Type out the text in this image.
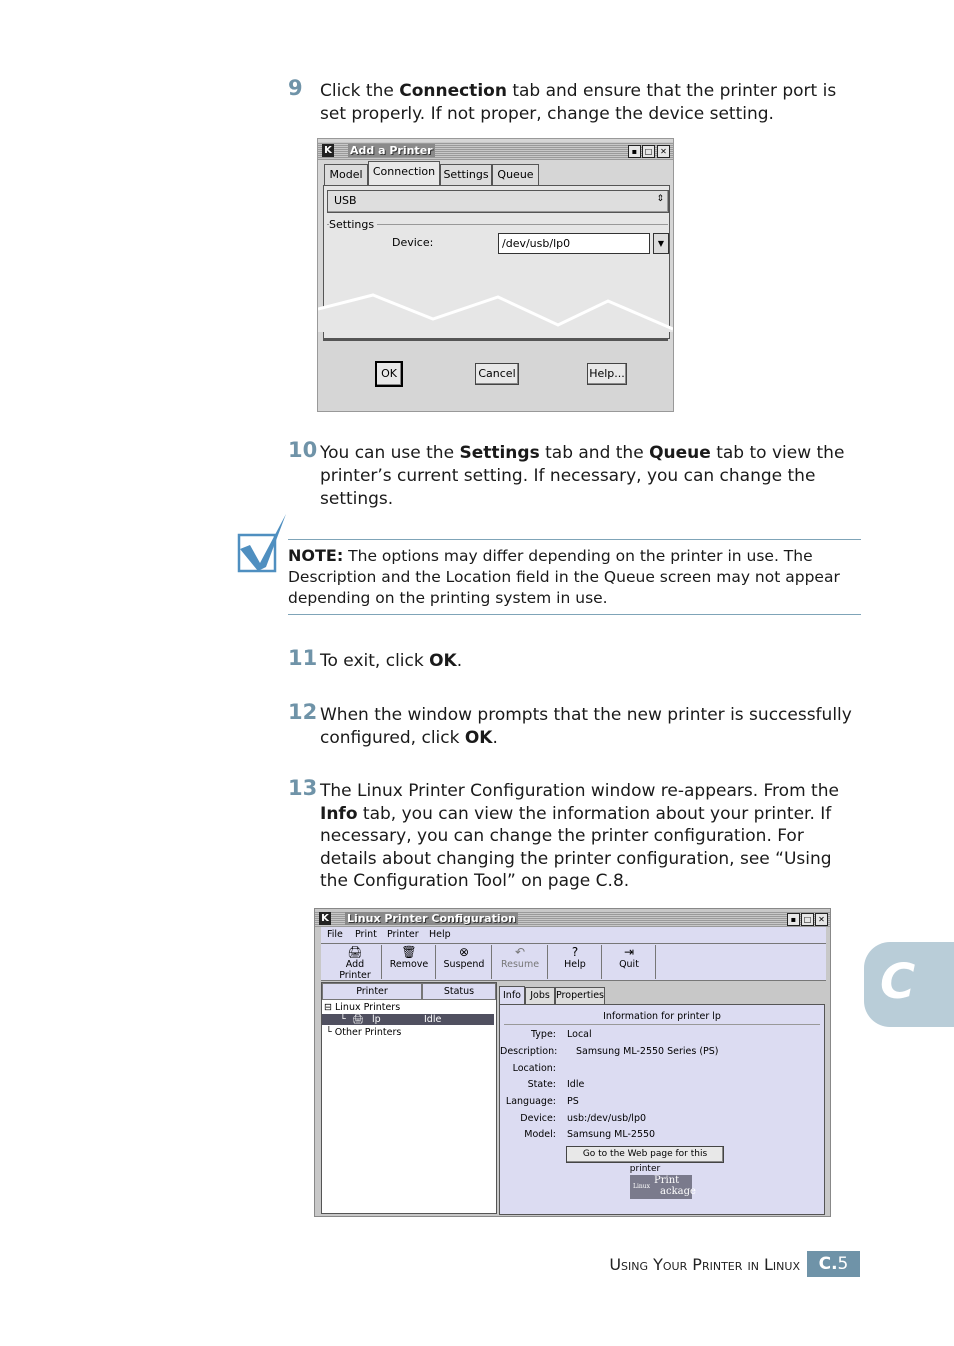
9 Click the Connection tab and ensure that the printer port is set properly. If not proper, change the device setting.
K Add a Printer	▪ □ ✕
Model Connection Settings Queue
USB	⇕
Settings
Device:	/dev/usb/lp0	▼
OK	Cancel	Help...
10 You can use the Settings tab and the Queue tab to view the printer’s current setting. If necessary, you can change the settings.
NOTE: The options may differ depending on the printer in use. The Description and the Location field in the Queue screen may not appear depending on the printing system in use.
11 To exit, click OK.
12 When the window prompts that the new printer is successfully configured, click OK.
13 The Linux Printer Configuration window re-appears. From the Info tab, you can view the information about your printer. If necessary, you can change the printer configuration. For details about changing the printer configuration, see “Using the Configuration Tool” on page C.8.
K Linux Printer Configuration	▪ □ ✕
File Print Printer Help
🖨
Add Printer
🗑
Remove
⊗
Suspend
↶
Resume
?
Help
⇥
Quit
Printer	Status
⊟ Linux Printers
└ 🖨 lp	Idle
└ Other Printers
Info Jobs Properties
Information for printer lp
Type: Local
Description: Samsung ML-2550 Series (PS)
Location:
State: Idle
Language: PS
Device: usb:/dev/usb/lp0
Model: Samsung ML-2550
Go to the Web page for this printer
Linux
Print
ackage
C
Using Your Printer in Linux	C.5
